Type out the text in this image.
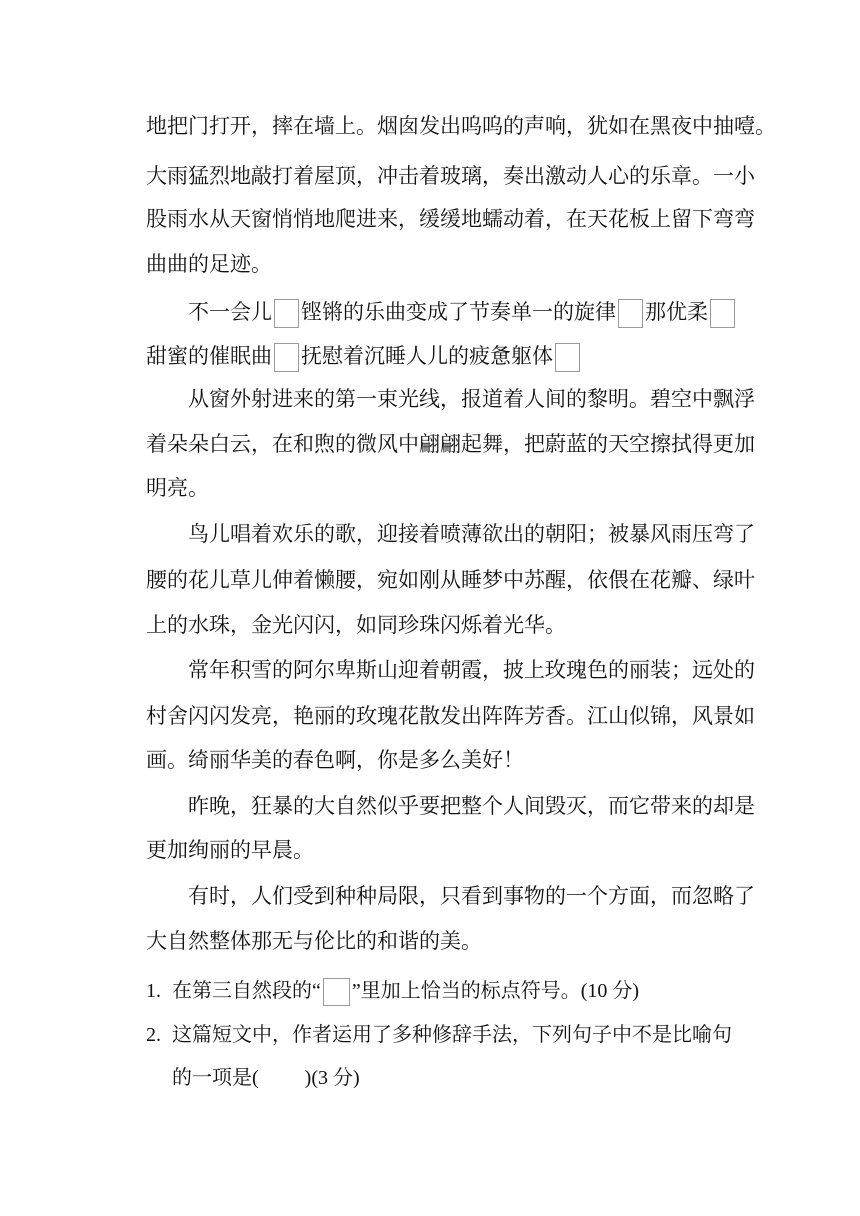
地把门打开，摔在墙上。烟囱发出呜呜的声响，犹如在黑夜中抽噎。
大雨猛烈地敲打着屋顶，冲击着玻璃，奏出激动人心的乐章。一小
股雨水从天窗悄悄地爬进来，缓缓地蠕动着，在天花板上留下弯弯
曲曲的足迹。
不一会儿 铿锵的乐曲变成了节奏单一的旋律 那优柔
甜蜜的催眠曲 抚慰着沉睡人儿的疲惫躯体
从窗外射进来的第一束光线，报道着人间的黎明。碧空中飘浮
着朵朵白云，在和煦的微风中翩翩起舞，把蔚蓝的天空擦拭得更加
明亮。
鸟儿唱着欢乐的歌，迎接着喷薄欲出的朝阳；被暴风雨压弯了
腰的花儿草儿伸着懒腰，宛如刚从睡梦中苏醒，依偎在花瓣、绿叶
上的水珠，金光闪闪，如同珍珠闪烁着光华。
常年积雪的阿尔卑斯山迎着朝霞，披上玫瑰色的丽装；远处的
村舍闪闪发亮，艳丽的玫瑰花散发出阵阵芳香。江山似锦，风景如
画。绮丽华美的春色啊，你是多么美好！
昨晚，狂暴的大自然似乎要把整个人间毁灭，而它带来的却是
更加绚丽的早晨。
有时，人们受到种种局限，只看到事物的一个方面，而忽略了
大自然整体那无与伦比的和谐的美。
1. 在第三自然段的“ ”里加上恰当的标点符号。(10 分)
2. 这篇短文中，作者运用了多种修辞手法，下列句子中不是比喻句
的一项是( )(3 分)
